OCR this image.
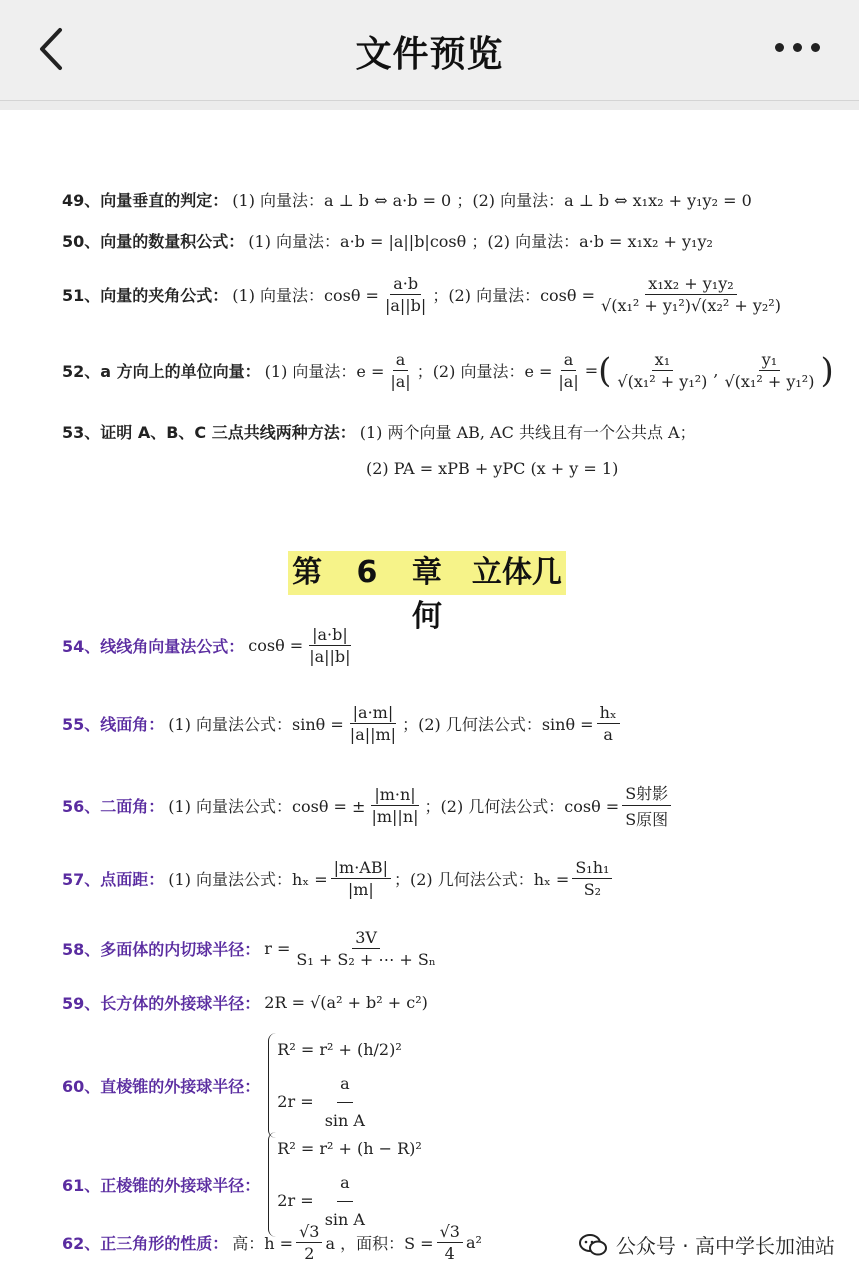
文件预览
49、向量垂直的判定： (1) 向量法：a ⊥ b ⇔ a·b = 0 ；(2) 向量法：a ⊥ b ⇔ x₁x₂ + y₁y₂ = 0
50、向量的数量积公式： (1) 向量法：a·b = |a||b|cosθ ；(2) 向量法：a·b = x₁x₂ + y₁y₂
51、向量的夹角公式： (1) 向量法：$\cos\theta = \frac{a\cdot b}{|a||b|}$ ；(2) 向量法：$\cos\theta = \frac{\text{x₁x₂ + y₁y₂}}{\text{√(x₁² + y₁²)√(x₂² + y₂²)}}$
52、a 方向上的单位向量： (1) 向量法：$e = \frac{a}{|a|}$ ；(2) 向量法：$e = \frac{a}{|a|}$ = ( $\frac{\text{x₁}}{\text{√(x₁² + y₁²)}}$ , $\frac{\text{y₁}}{\text{√(x₁² + y₁²)}}$ )
53、证明 A、B、C 三点共线两种方法： (1) 两个向量 AB, AC 共线且有一个公共点 A；
(2) PA = xPB + yPC (x + y = 1)
第 6 章　立体几何
54、线线角向量法公式： $\cos\theta = \frac{|a\cdot b|}{|a||b|}$
55、线面角： (1) 向量法公式：$\sin\theta = \frac{|a\cdot m|}{|a||m|}$ ；(2) 几何法公式：$\sin\theta = \frac{\text{hₓ}}{a}$
56、二面角： (1) 向量法公式：cosθ = ± $\frac{|m\cdot n|}{|m||n|}$ ；(2) 几何法公式：$\cos\theta = \frac{\text{S射影}}{\text{S原图}}$
57、点面距： (1) 向量法公式：$h_x = \frac{|m\cdot AB|}{|m|}$ ；(2) 几何法公式：$h_x = \frac{\text{S₁h₁}}{\text{S₂}}$
58、多面体的内切球半径： $r = \frac{3V}{\text{S₁ + S₂ + ⋯ + Sₙ}}$
59、长方体的外接球半径： 2R = √(a² + b² + c²)
60、直棱锥的外接球半径：
R² = r² + (h/2)²
$2r = \frac{a}{\text{sin A}}$
61、正棱锥的外接球半径：
R² = r² + (h − R)²
$2r = \frac{a}{\text{sin A}}$
62、正三角形的性质： 高：$h = \frac{√3}{2}$ a ，面积：$S = \frac{√3}{4} a^2$	公众号 · 高中学长加油站
